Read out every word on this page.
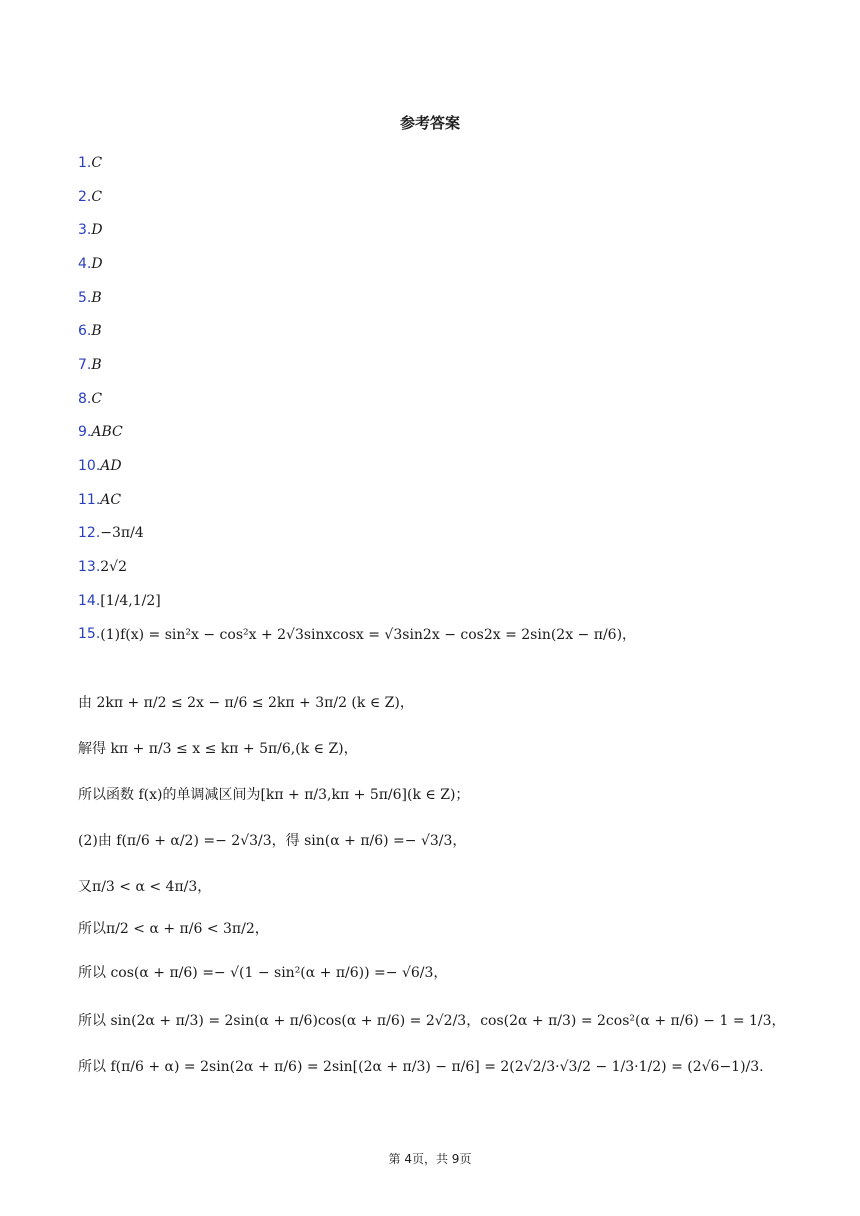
参考答案
1. C
2. C
3. D
4. D
5. B
6. B
7. B
8. C
9. ABC
10. AD
11. AC
12. −3π/4
13. 2√2
14. [1/4,1/2]
15. (1)f(x) = sin²x − cos²x + 2√3sinxcosx = √3sin2x − cos2x = 2sin(2x − π/6)，
由 2kπ + π/2 ≤ 2x − π/6 ≤ 2kπ + 3π/2 (k ∈ Z)，
解得 kπ + π/3 ≤ x ≤ kπ + 5π/6,(k ∈ Z)，
所以函数 f(x)的单调减区间为[kπ + π/3,kπ + 5π/6](k ∈ Z)；
(2)由 f(π/6 + α/2) =− 2√3/3，得 sin(α + π/6) =− √3/3，
又π/3 < α < 4π/3，
所以π/2 < α + π/6 < 3π/2，
所以 cos(α + π/6) =− √(1 − sin²(α + π/6)) =− √6/3，
所以 sin(2α + π/3) = 2sin(α + π/6)cos(α + π/6) = 2√2/3，cos(2α + π/3) = 2cos²(α + π/6) − 1 = 1/3，
所以 f(π/6 + α) = 2sin(2α + π/6) = 2sin[(2α + π/3) − π/6] = 2(2√2/3·√3/2 − 1/3·1/2) = (2√6−1)/3.
第 4页，共 9页
